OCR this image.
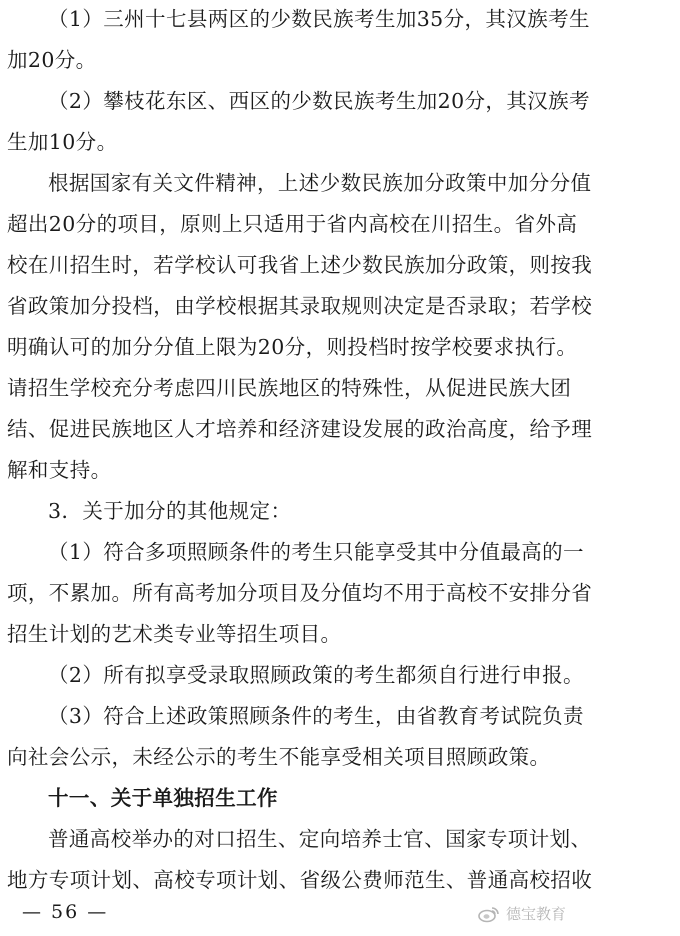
（1）三州十七县两区的少数民族考生加35分，其汉族考生
加20分。
（2）攀枝花东区、西区的少数民族考生加20分，其汉族考
生加10分。
根据国家有关文件精神，上述少数民族加分政策中加分分值
超出20分的项目，原则上只适用于省内高校在川招生。省外高
校在川招生时，若学校认可我省上述少数民族加分政策，则按我
省政策加分投档，由学校根据其录取规则决定是否录取；若学校
明确认可的加分分值上限为20分，则投档时按学校要求执行。
请招生学校充分考虑四川民族地区的特殊性，从促进民族大团
结、促进民族地区人才培养和经济建设发展的政治高度，给予理
解和支持。
3．关于加分的其他规定：
（1）符合多项照顾条件的考生只能享受其中分值最高的一
项，不累加。所有高考加分项目及分值均不用于高校不安排分省
招生计划的艺术类专业等招生项目。
（2）所有拟享受录取照顾政策的考生都须自行进行申报。
（3）符合上述政策照顾条件的考生，由省教育考试院负责
向社会公示，未经公示的考生不能享受相关项目照顾政策。
十一、关于单独招生工作
普通高校举办的对口招生、定向培养士官、国家专项计划、
地方专项计划、高校专项计划、省级公费师范生、普通高校招收
— 56 —	德宝教育
